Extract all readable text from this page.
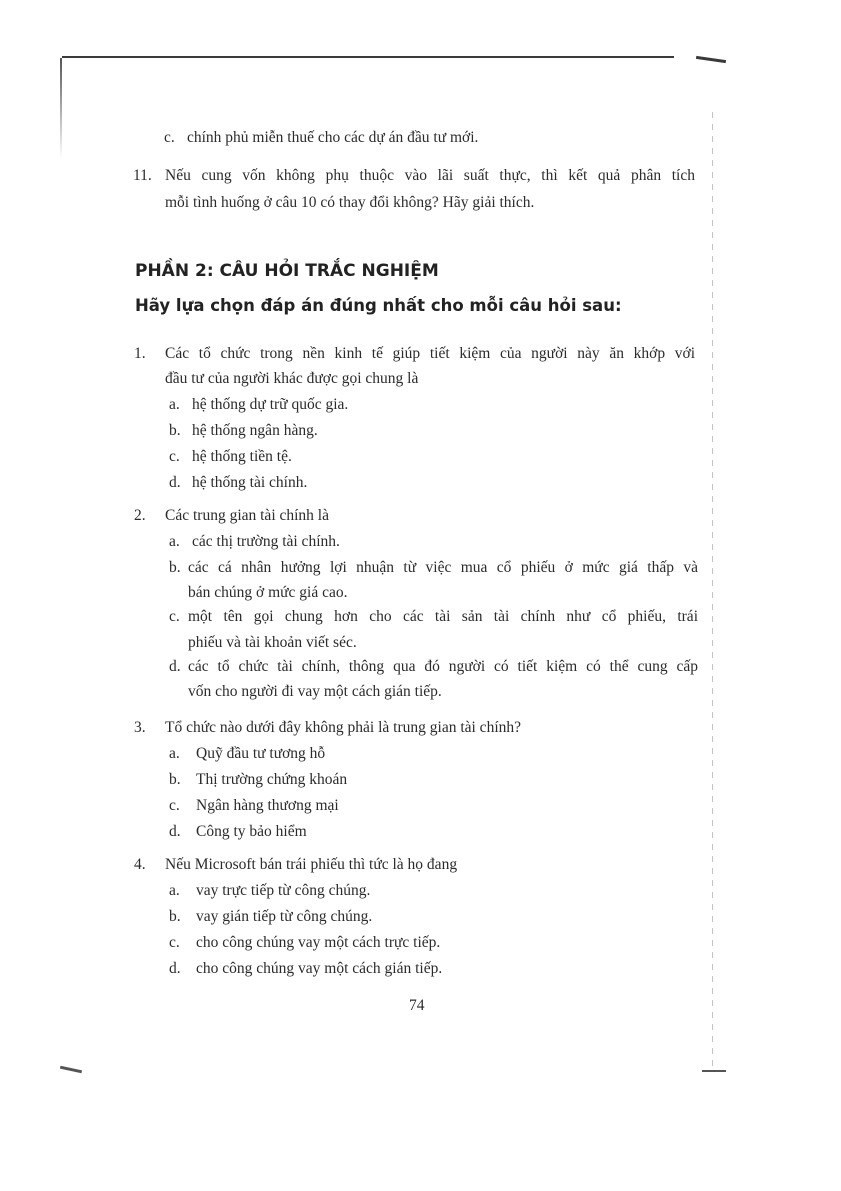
c. chính phủ miễn thuế cho các dự án đầu tư mới.
11. Nếu cung vốn không phụ thuộc vào lãi suất thực, thì kết quả phân tích
mỗi tình huống ở câu 10 có thay đổi không? Hãy giải thích.
PHẦN 2: CÂU HỎI TRẮC NGHIỆM
Hãy lựa chọn đáp án đúng nhất cho mỗi câu hỏi sau:
1. Các tổ chức trong nền kinh tế giúp tiết kiệm của người này ăn khớp với
đầu tư của người khác được gọi chung là
a. hệ thống dự trữ quốc gia.
b. hệ thống ngân hàng.
c. hệ thống tiền tệ.
d. hệ thống tài chính.
2. Các trung gian tài chính là
a. các thị trường tài chính.
b. các cá nhân hưởng lợi nhuận từ việc mua cổ phiếu ở mức giá thấp và
bán chúng ở mức giá cao.
c. một tên gọi chung hơn cho các tài sản tài chính như cổ phiếu, trái
phiếu và tài khoản viết séc.
d. các tổ chức tài chính, thông qua đó người có tiết kiệm có thể cung cấp
vốn cho người đi vay một cách gián tiếp.
3. Tổ chức nào dưới đây không phải là trung gian tài chính?
a. Quỹ đầu tư tương hỗ
b. Thị trường chứng khoán
c. Ngân hàng thương mại
d. Công ty bảo hiểm
4. Nếu Microsoft bán trái phiếu thì tức là họ đang
a. vay trực tiếp từ công chúng.
b. vay gián tiếp từ công chúng.
c. cho công chúng vay một cách trực tiếp.
d. cho công chúng vay một cách gián tiếp.
74
